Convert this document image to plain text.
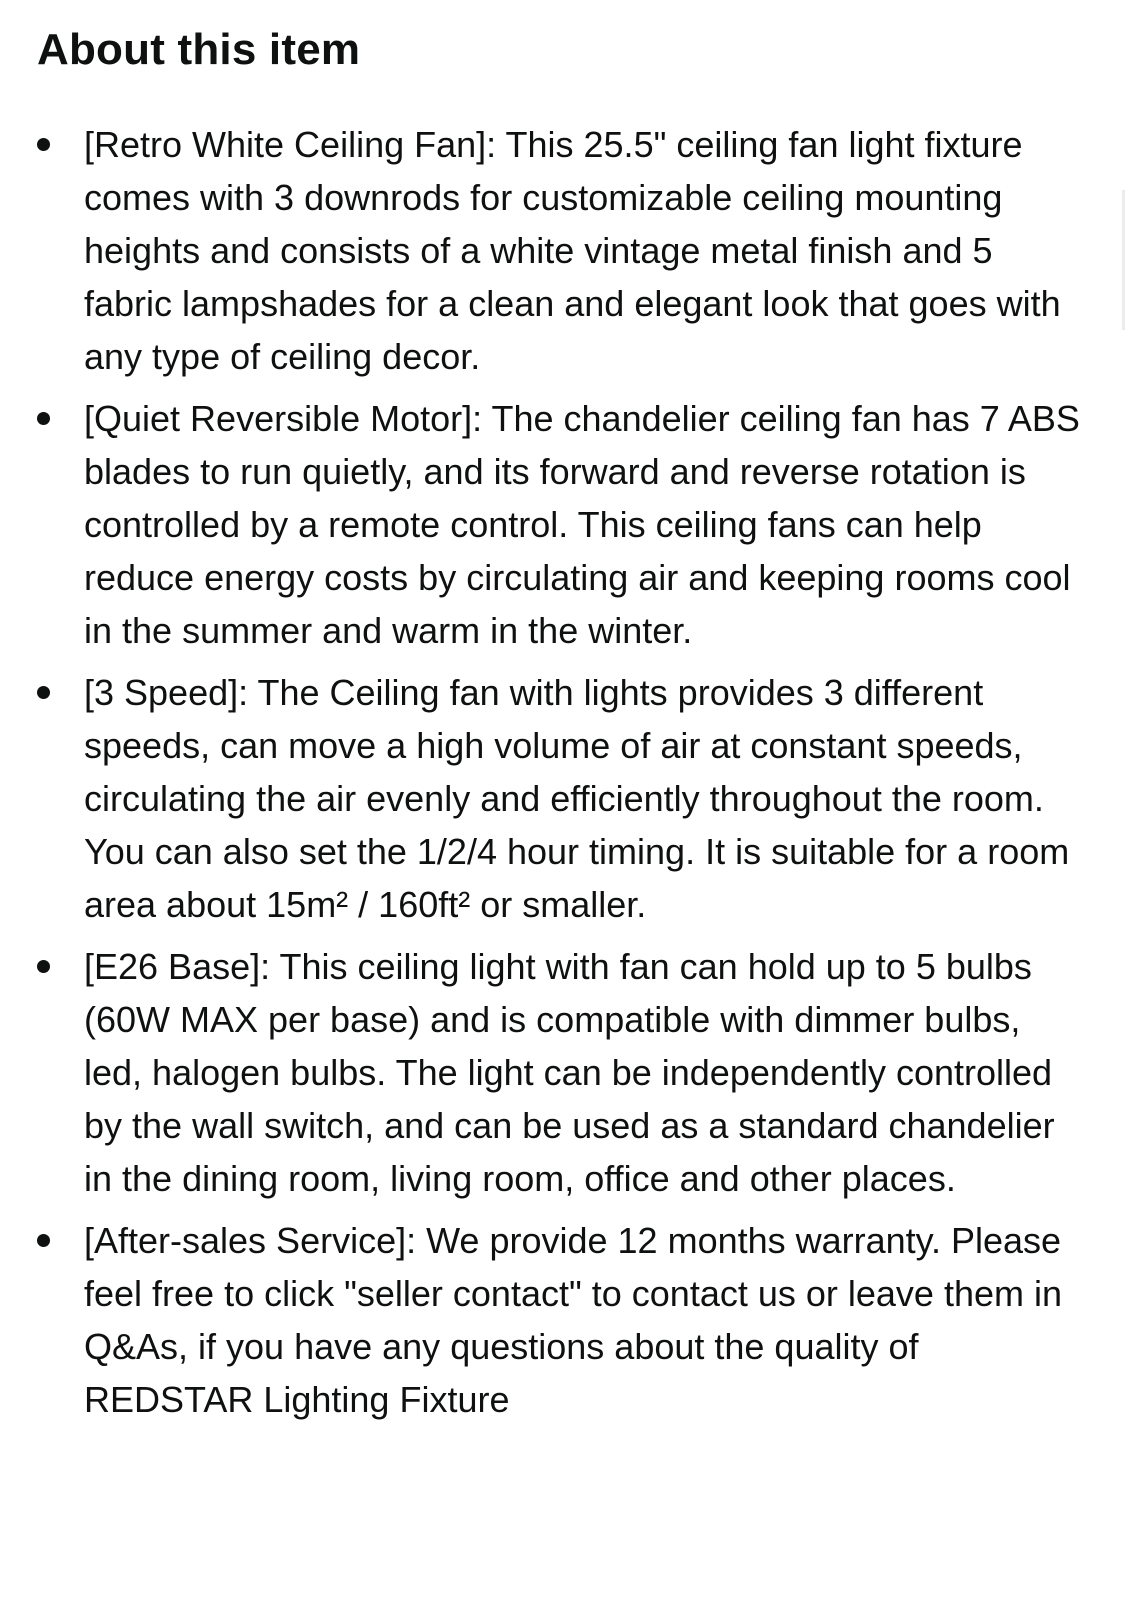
About this item
[Retro White Ceiling Fan]: This 25.5" ceiling fan light fixture comes with 3 downrods for customizable ceiling mounting heights and consists of a white vintage metal finish and 5 fabric lampshades for a clean and elegant look that goes with any type of ceiling decor.
[Quiet Reversible Motor]: The chandelier ceiling fan has 7 ABS blades to run quietly, and its forward and reverse rotation is controlled by a remote control. This ceiling fans can help reduce energy costs by circulating air and keeping rooms cool in the summer and warm in the winter.
[3 Speed]: The Ceiling fan with lights provides 3 different speeds, can move a high volume of air at constant speeds, circulating the air evenly and efficiently throughout the room. You can also set the 1/2/4 hour timing. It is suitable for a room area about 15m² / 160ft² or smaller.
[E26 Base]: This ceiling light with fan can hold up to 5 bulbs (60W MAX per base) and is compatible with dimmer bulbs, led, halogen bulbs. The light can be independently controlled by the wall switch, and can be used as a standard chandelier in the dining room, living room, office and other places.
[After-sales Service]: We provide 12 months warranty. Please feel free to click "seller contact" to contact us or leave them in Q&As, if you have any questions about the quality of REDSTAR Lighting Fixture
